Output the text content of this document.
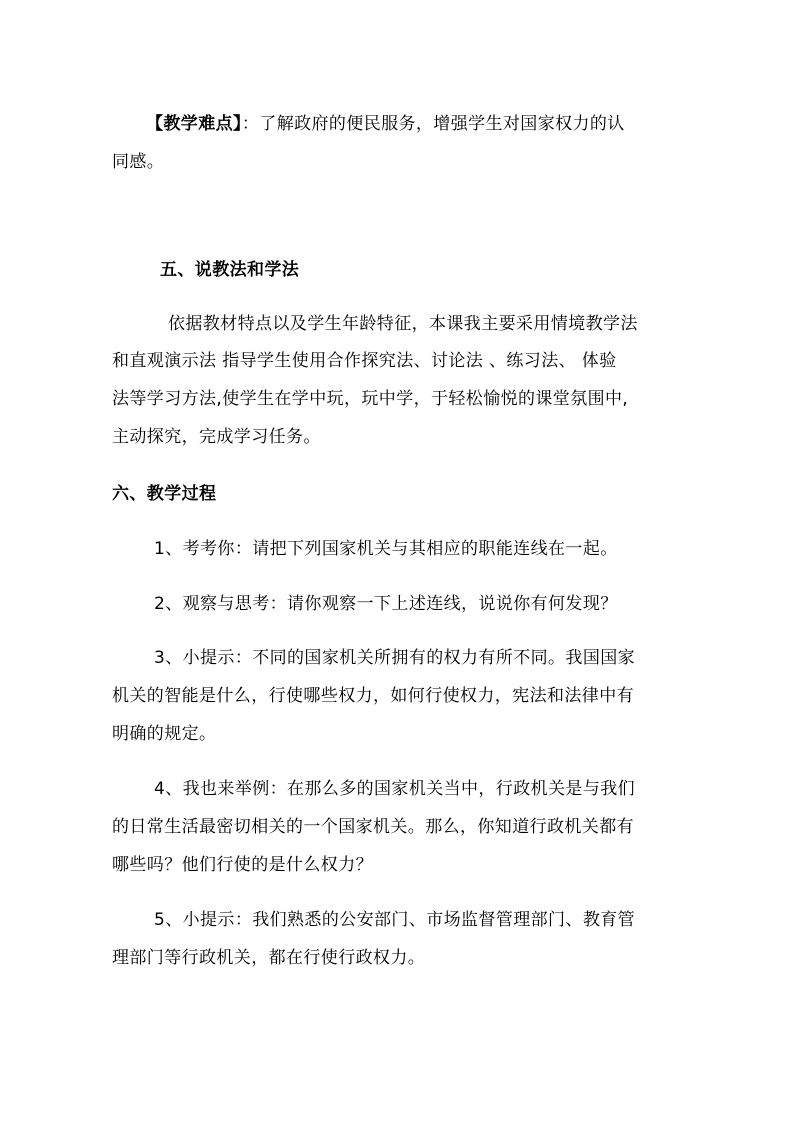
【教学难点】：了解政府的便民服务，增强学生对国家权力的认
同感。
五、说教法和学法
依据教材特点以及学生年龄特征，本课我主要采用情境教学法
和直观演示法 指导学生使用合作探究法、讨论法 、练习法、 体验
法等学习方法,使学生在学中玩，玩中学，于轻松愉悦的课堂氛围中,
主动探究，完成学习任务。
六、教学过程
1、考考你：请把下列国家机关与其相应的职能连线在一起。
2、观察与思考：请你观察一下上述连线，说说你有何发现？
3、小提示：不同的国家机关所拥有的权力有所不同。我国国家
机关的智能是什么，行使哪些权力，如何行使权力，宪法和法律中有
明确的规定。
4、我也来举例：在那么多的国家机关当中，行政机关是与我们
的日常生活最密切相关的一个国家机关。那么，你知道行政机关都有
哪些吗？他们行使的是什么权力？
5、小提示：我们熟悉的公安部门、市场监督管理部门、教育管
理部门等行政机关，都在行使行政权力。
